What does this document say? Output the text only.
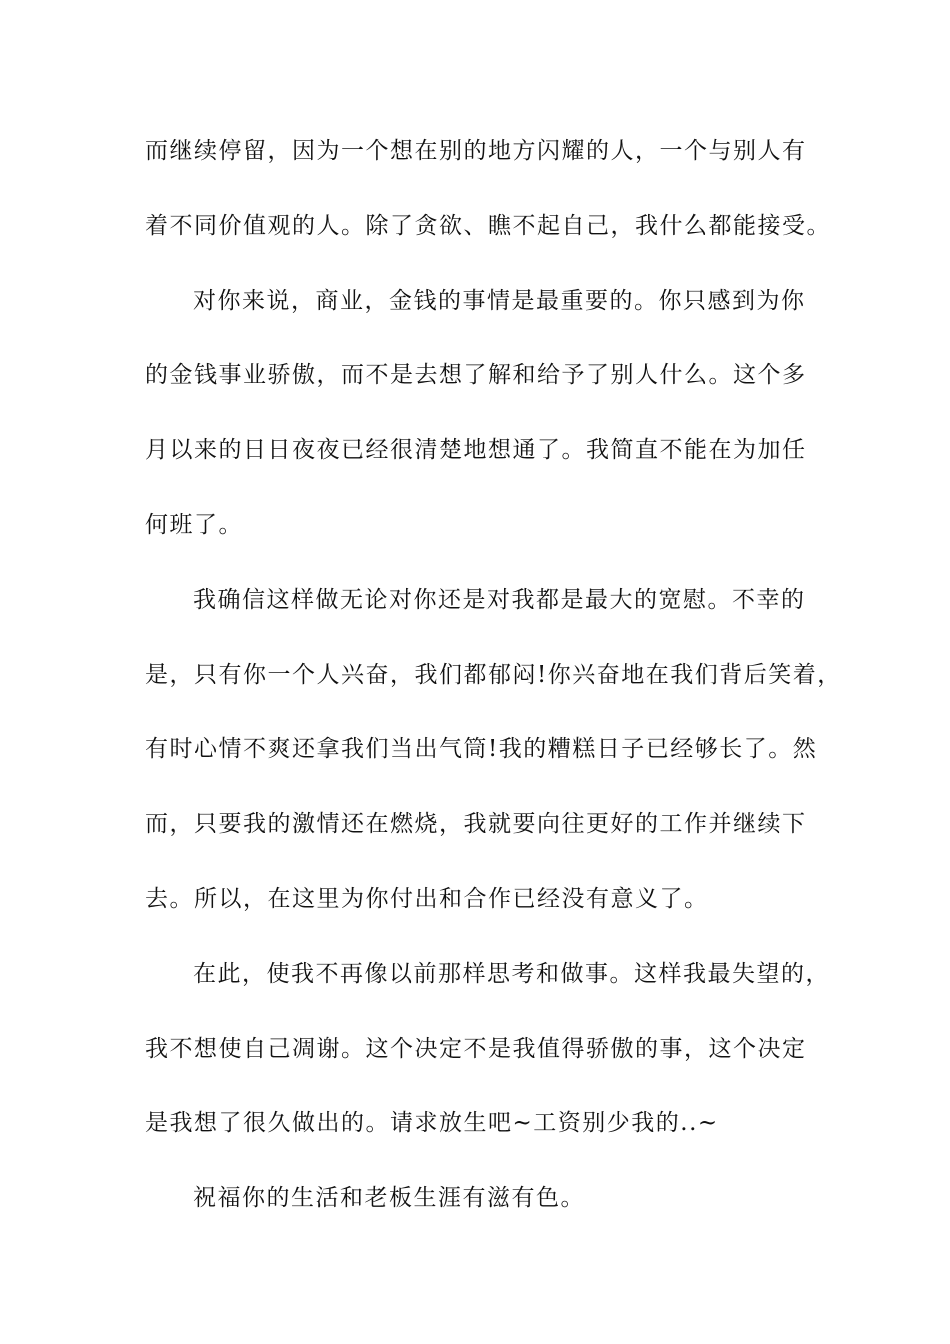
而继续停留，因为一个想在别的地方闪耀的人，一个与别人有
着不同价值观的人。除了贪欲、瞧不起自己，我什么都能接受。
对你来说，商业，金钱的事情是最重要的。你只感到为你
的金钱事业骄傲，而不是去想了解和给予了别人什么。这个多
月以来的日日夜夜已经很清楚地想通了。我简直不能在为加任
何班了。
我确信这样做无论对你还是对我都是最大的宽慰。不幸的
是，只有你一个人兴奋，我们都郁闷!你兴奋地在我们背后笑着，
有时心情不爽还拿我们当出气筒!我的糟糕日子已经够长了。然
而，只要我的激情还在燃烧，我就要向往更好的工作并继续下
去。所以，在这里为你付出和合作已经没有意义了。
在此，使我不再像以前那样思考和做事。这样我最失望的，
我不想使自己凋谢。这个决定不是我值得骄傲的事，这个决定
是我想了很久做出的。请求放生吧~工资别少我的..~
祝福你的生活和老板生涯有滋有色。
